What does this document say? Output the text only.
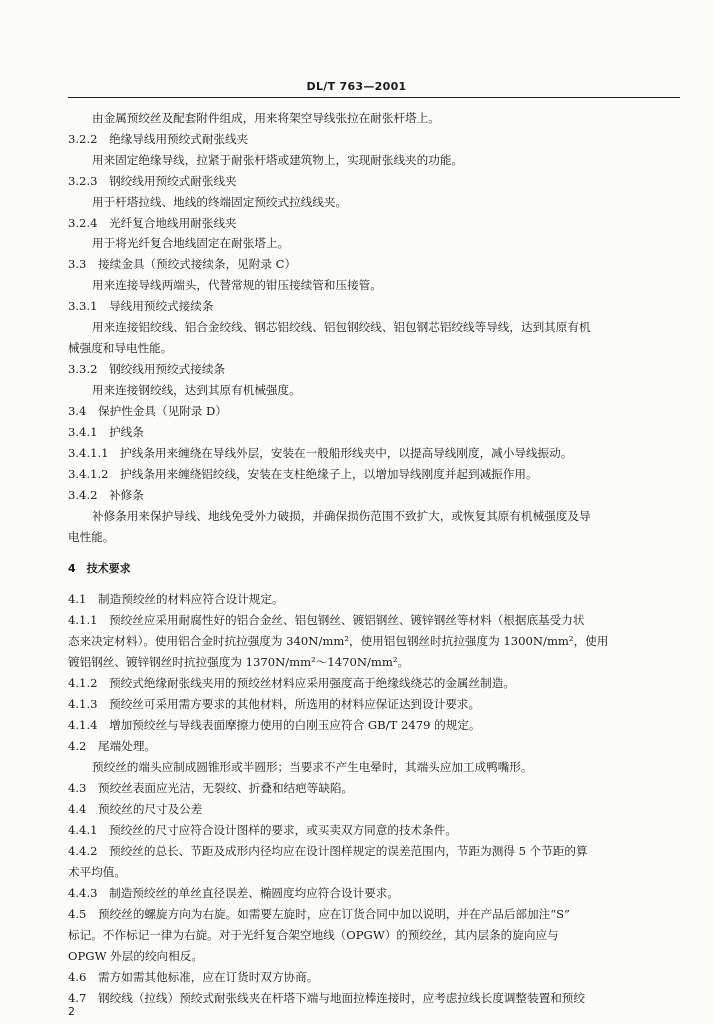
DL/T 763—2001
由金属预绞丝及配套附件组成，用来将架空导线张拉在耐张杆塔上。
3.2.2　绝缘导线用预绞式耐张线夹
用来固定绝缘导线，拉紧于耐张杆塔或建筑物上，实现耐张线夹的功能。
3.2.3　钢绞线用预绞式耐张线夹
用于杆塔拉线、地线的终端固定预绞式拉线线夹。
3.2.4　光纤复合地线用耐张线夹
用于将光纤复合地线固定在耐张塔上。
3.3　接续金具（预绞式接续条，见附录 C）
用来连接导线两端头，代替常规的钳压接续管和压接管。
3.3.1　导线用预绞式接续条
用来连接铝绞线、铝合金绞线、钢芯铝绞线、铝包钢绞线、铝包钢芯铝绞线等导线，达到其原有机
械强度和导电性能。
3.3.2　钢绞线用预绞式接续条
用来连接钢绞线，达到其原有机械强度。
3.4　保护性金具（见附录 D）
3.4.1　护线条
3.4.1.1　护线条用来缠绕在导线外层，安装在一般船形线夹中，以提高导线刚度，减小导线振动。
3.4.1.2　护线条用来缠绕铝绞线，安装在支柱绝缘子上，以增加导线刚度并起到减振作用。
3.4.2　补修条
补修条用来保护导线、地线免受外力破损，并确保损伤范围不致扩大，或恢复其原有机械强度及导
电性能。
4　技术要求
4.1　制造预绞丝的材料应符合设计规定。
4.1.1　预绞丝应采用耐腐性好的铝合金丝、铝包钢丝、镀铝钢丝、镀锌钢丝等材料（根据底基受力状
态来决定材料）。使用铝合金时抗拉强度为 340N/mm²，使用铝包钢丝时抗拉强度为 1300N/mm²，使用
镀铝钢丝、镀锌钢丝时抗拉强度为 1370N/mm²～1470N/mm²。
4.1.2　预绞式绝缘耐张线夹用的预绞丝材料应采用强度高于绝缘线绕芯的金属丝制造。
4.1.3　预绞丝可采用需方要求的其他材料，所选用的材料应保证达到设计要求。
4.1.4　增加预绞丝与导线表面摩擦力使用的白刚玉应符合 GB/T 2479 的规定。
4.2　尾端处理。
预绞丝的端头应制成圆锥形或半圆形；当要求不产生电晕时，其端头应加工成鸭嘴形。
4.3　预绞丝表面应光洁，无裂纹、折叠和结疤等缺陷。
4.4　预绞丝的尺寸及公差
4.4.1　预绞丝的尺寸应符合设计图样的要求，或买卖双方同意的技术条件。
4.4.2　预绞丝的总长、节距及成形内径均应在设计图样规定的误差范围内，节距为测得 5 个节距的算
术平均值。
4.4.3　制造预绞丝的单丝直径误差、椭圆度均应符合设计要求。
4.5　预绞丝的螺旋方向为右旋。如需要左旋时，应在订货合同中加以说明，并在产品后部加注“S”
标记。不作标记一律为右旋。对于光纤复合架空地线（OPGW）的预绞丝，其内层条的旋向应与
OPGW 外层的绞向相反。
4.6　需方如需其他标准，应在订货时双方协商。
4.7　钢绞线（拉线）预绞式耐张线夹在杆塔下端与地面拉棒连接时，应考虑拉线长度调整装置和预绞
2
